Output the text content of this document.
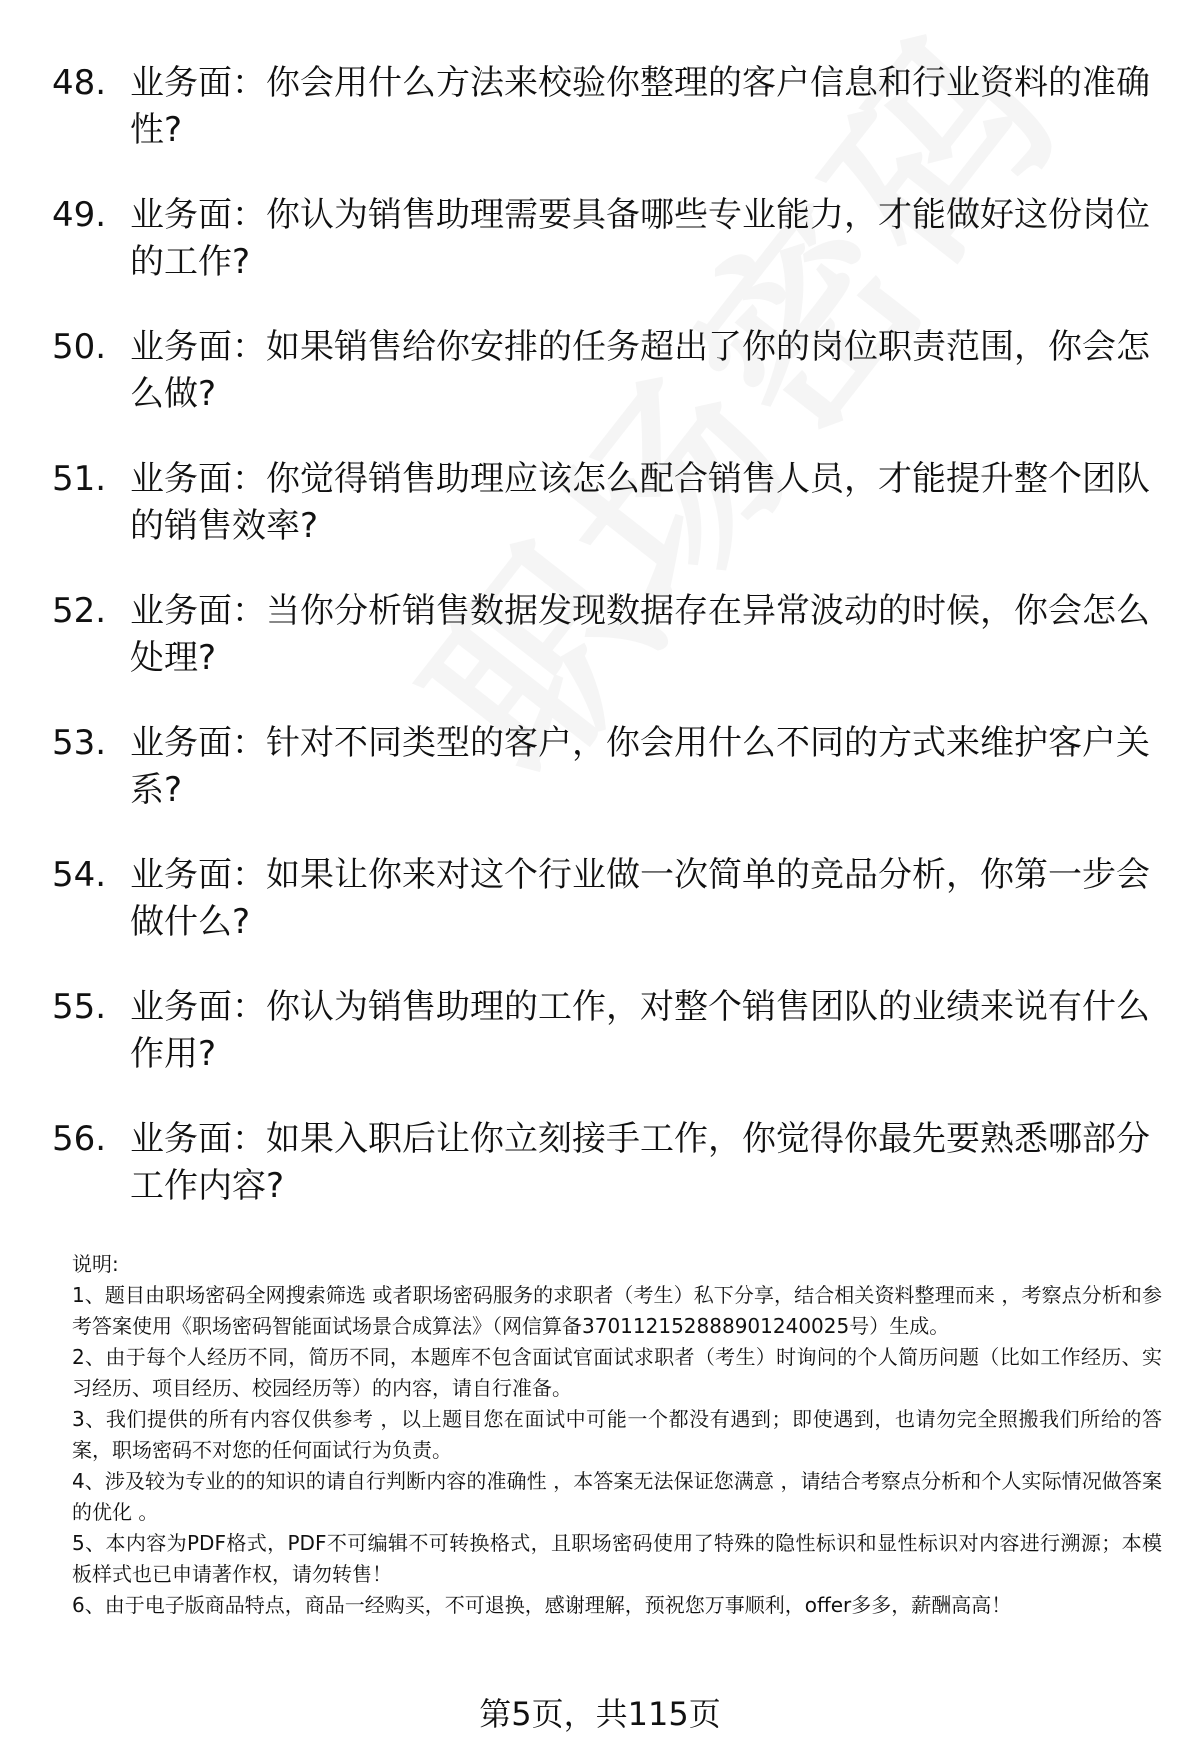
48. 业务面：你会用什么方法来校验你整理的客户信息和行业资料的准确性?
49. 业务面：你认为销售助理需要具备哪些专业能力，才能做好这份岗位的工作?
50. 业务面：如果销售给你安排的任务超出了你的岗位职责范围，你会怎么做?
51. 业务面：你觉得销售助理应该怎么配合销售人员，才能提升整个团队的销售效率?
52. 业务面：当你分析销售数据发现数据存在异常波动的时候，你会怎么处理?
53. 业务面：针对不同类型的客户，你会用什么不同的方式来维护客户关系?
54. 业务面：如果让你来对这个行业做一次简单的竞品分析，你第一步会做什么?
55. 业务面：你认为销售助理的工作，对整个销售团队的业绩来说有什么作用?
56. 业务面：如果入职后让你立刻接手工作，你觉得你最先要熟悉哪部分工作内容?
说明:
1、题目由职场密码全网搜索筛选 或者职场密码服务的求职者（考生）私下分享，结合相关资料整理而来 ，考察点分析和参考答案使用《职场密码智能面试场景合成算法》（网信算备370112152888901240025号）生成。
2、由于每个人经历不同，简历不同，本题库不包含面试官面试求职者（考生）时询问的个人简历问题（比如工作经历、实习经历、项目经历、校园经历等）的内容，请自行准备。
3、我们提供的所有内容仅供参考 ，以上题目您在面试中可能一个都没有遇到；即使遇到，也请勿完全照搬我们所给的答案，职场密码不对您的任何面试行为负责。
4、涉及较为专业的的知识的请自行判断内容的准确性 ，本答案无法保证您满意 ，请结合考察点分析和个人实际情况做答案的优化 。
5、本内容为PDF格式，PDF不可编辑不可转换格式，且职场密码使用了特殊的隐性标识和显性标识对内容进行溯源；本模板样式也已申请著作权，请勿转售！
6、由于电子版商品特点，商品一经购买，不可退换，感谢理解，预祝您万事顺利，offer多多，薪酬高高！
第5页，共115页
